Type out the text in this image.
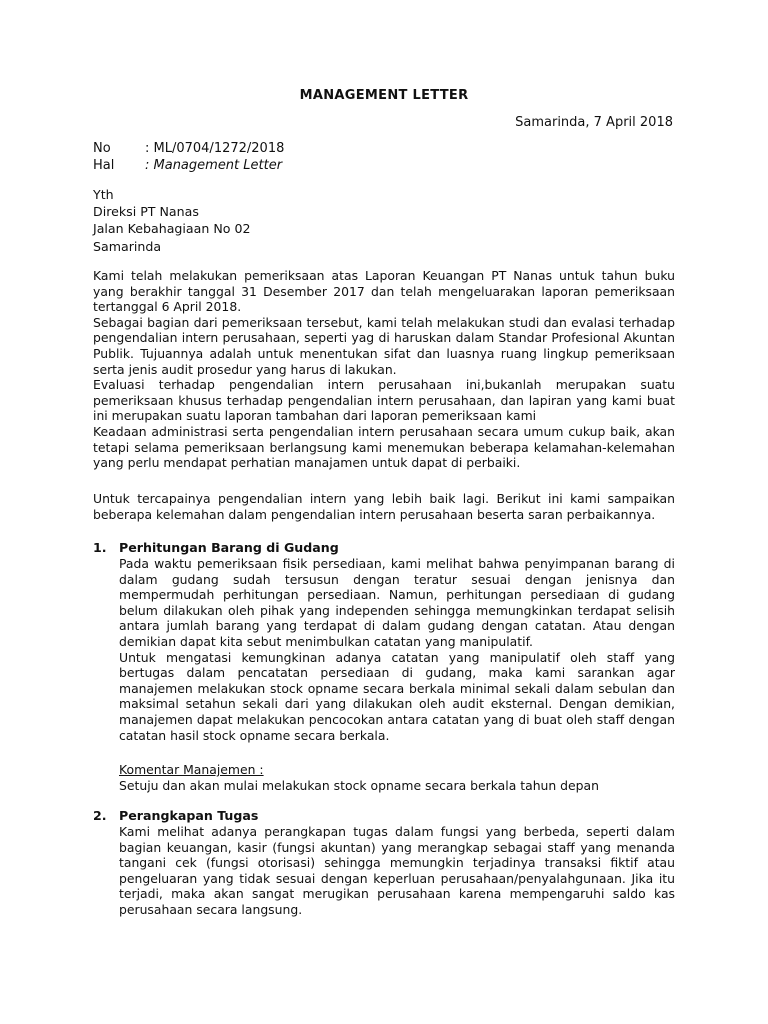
MANAGEMENT LETTER
Samarinda, 7 April 2018
No	: ML/0704/1272/2018
Hal : Management Letter
Yth
Direksi PT Nanas
Jalan Kebahagiaan No 02
Samarinda

Kami telah melakukan pemeriksaan atas Laporan Keuangan PT Nanas untuk tahun buku yang berakhir tanggal 31 Desember 2017 dan telah mengeluarakan laporan pemeriksaan tertanggal 6 April 2018.

Sebagai bagian dari pemeriksaan tersebut, kami telah melakukan studi dan evalasi terhadap pengendalian intern perusahaan, seperti yag di haruskan dalam Standar Profesional Akuntan Publik. Tujuannya adalah untuk menentukan sifat dan luasnya ruang lingkup pemeriksaan serta jenis audit prosedur yang harus di lakukan.

Evaluasi terhadap pengendalian intern perusahaan ini,bukanlah merupakan suatu pemeriksaan khusus terhadap pengendalian intern perusahaan, dan lapiran yang kami buat ini merupakan suatu laporan tambahan dari laporan pemeriksaan kami

Keadaan administrasi serta pengendalian intern perusahaan secara umum cukup baik, akan tetapi selama pemeriksaan berlangsung kami menemukan beberapa kelamahan-kelemahan yang perlu mendapat perhatian manajamen untuk dapat di perbaiki.

Untuk tercapainya pengendalian intern yang lebih baik lagi. Berikut ini kami sampaikan beberapa kelemahan dalam pengendalian intern perusahaan beserta saran perbaikannya.

1. Perhitungan Barang di Gudang

Pada waktu pemeriksaan fisik persediaan, kami melihat bahwa penyimpanan barang di dalam gudang sudah tersusun dengan teratur sesuai dengan jenisnya dan mempermudah perhitungan persediaan. Namun, perhitungan persediaan di gudang belum dilakukan oleh pihak yang independen sehingga memungkinkan terdapat selisih antara jumlah barang yang terdapat di dalam gudang dengan catatan. Atau dengan demikian dapat kita sebut menimbulkan catatan yang manipulatif.

Untuk mengatasi kemungkinan adanya catatan yang manipulatif oleh staff yang bertugas dalam pencatatan persediaan di gudang, maka kami sarankan agar manajemen melakukan stock opname secara berkala minimal sekali dalam sebulan dan maksimal setahun sekali dari yang dilakukan oleh audit eksternal. Dengan demikian, manajemen dapat melakukan pencocokan antara catatan yang di buat oleh staff dengan catatan hasil stock opname secara berkala.

Komentar Manajemen :

Setuju dan akan mulai melakukan stock opname secara berkala tahun depan

2. Perangkapan Tugas

Kami melihat adanya perangkapan tugas dalam fungsi yang berbeda, seperti dalam bagian keuangan, kasir (fungsi akuntan) yang merangkap sebagai staff yang menanda tangani cek (fungsi otorisasi) sehingga memungkin terjadinya transaksi fiktif atau pengeluaran yang tidak sesuai dengan keperluan perusahaan/penyalahgunaan. Jika itu terjadi, maka akan sangat merugikan perusahaan karena mempengaruhi saldo kas perusahaan secara langsung.
